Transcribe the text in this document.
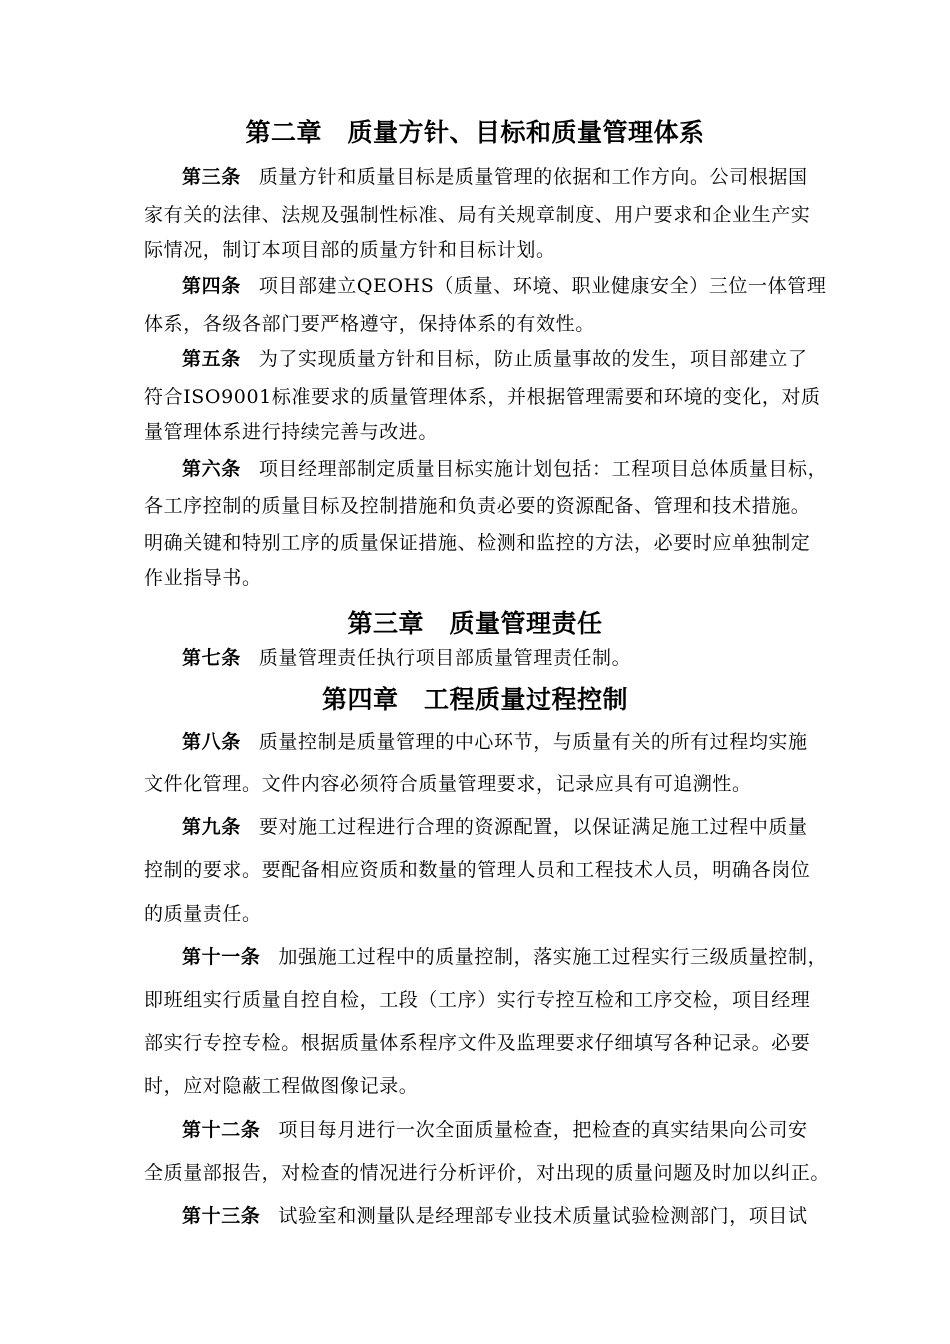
第二章　质量方针、目标和质量管理体系
第三条 质量方针和质量目标是质量管理的依据和工作方向。公司根据国
家有关的法律、法规及强制性标准、局有关规章制度、用户要求和企业生产实
际情况，制订本项目部的质量方针和目标计划。
第四条 项目部建立QEOHS（质量、环境、职业健康安全）三位一体管理
体系，各级各部门要严格遵守，保持体系的有效性。
第五条 为了实现质量方针和目标，防止质量事故的发生，项目部建立了
符合ISO9001标准要求的质量管理体系，并根据管理需要和环境的变化，对质
量管理体系进行持续完善与改进。
第六条 项目经理部制定质量目标实施计划包括：工程项目总体质量目标，
各工序控制的质量目标及控制措施和负责必要的资源配备、管理和技术措施。
明确关键和特别工序的质量保证措施、检测和监控的方法，必要时应单独制定
作业指导书。
第三章　质量管理责任
第七条 质量管理责任执行项目部质量管理责任制。
第四章　工程质量过程控制
第八条 质量控制是质量管理的中心环节，与质量有关的所有过程均实施
文件化管理。文件内容必须符合质量管理要求，记录应具有可追溯性。
第九条 要对施工过程进行合理的资源配置，以保证满足施工过程中质量
控制的要求。要配备相应资质和数量的管理人员和工程技术人员，明确各岗位
的质量责任。
第十一条 加强施工过程中的质量控制，落实施工过程实行三级质量控制，
即班组实行质量自控自检，工段（工序）实行专控互检和工序交检，项目经理
部实行专控专检。根据质量体系程序文件及监理要求仔细填写各种记录。必要
时，应对隐蔽工程做图像记录。
第十二条 项目每月进行一次全面质量检查，把检查的真实结果向公司安
全质量部报告，对检查的情况进行分析评价，对出现的质量问题及时加以纠正。
第十三条 试验室和测量队是经理部专业技术质量试验检测部门，项目试
